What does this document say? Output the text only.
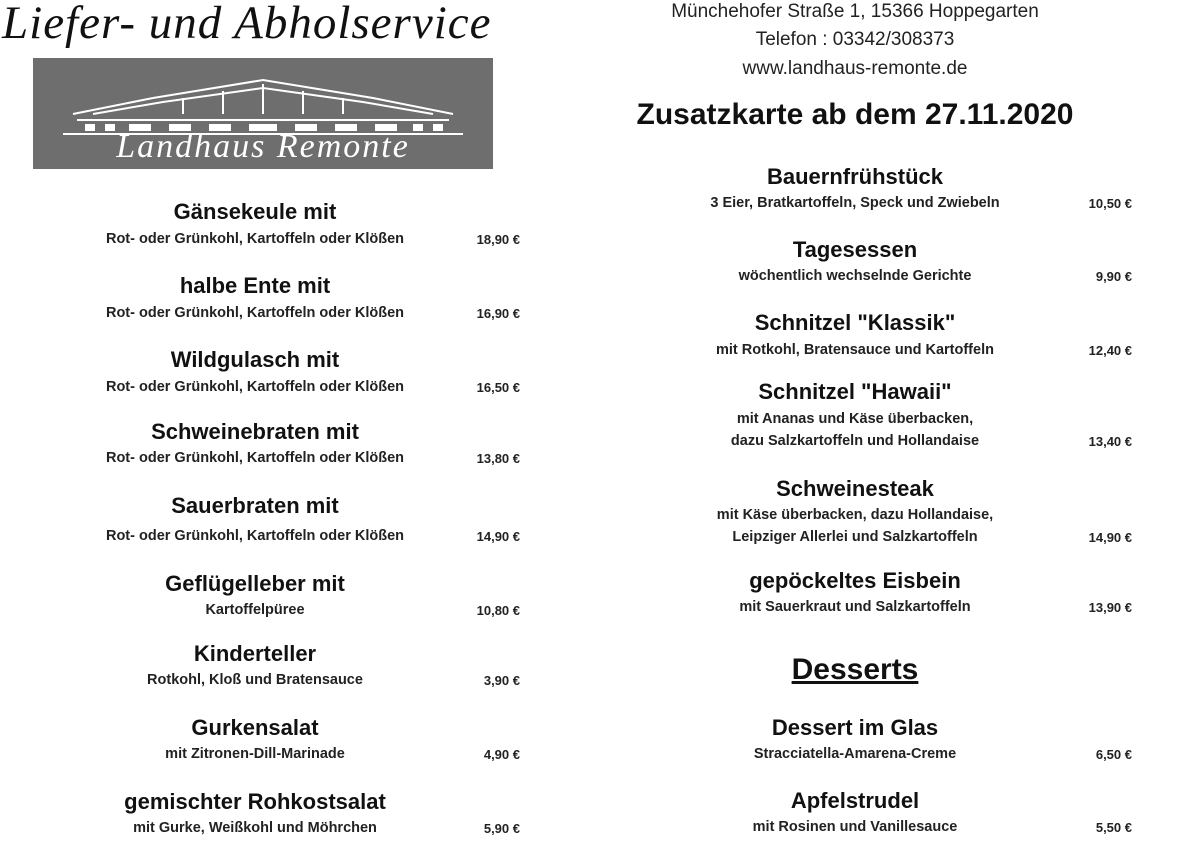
Liefer- und Abholservice
Landhaus Remonte
Münchehofer Straße 1, 15366 Hoppegarten
Telefon : 03342/308373
www.landhaus-remonte.de
Zusatzkarte ab dem 27.11.2020
Gänsekeule mit
Rot- oder Grünkohl, Kartoffeln oder Klößen	18,90 €
halbe Ente mit
Rot- oder Grünkohl, Kartoffeln oder Klößen	16,90 €
Wildgulasch mit
Rot- oder Grünkohl, Kartoffeln oder Klößen	16,50 €
Schweinebraten mit
Rot- oder Grünkohl, Kartoffeln oder Klößen	13,80 €
Sauerbraten mit
Rot- oder Grünkohl, Kartoffeln oder Klößen	14,90 €
Geflügelleber mit
Kartoffelpüree	10,80 €
Kinderteller
Rotkohl, Kloß und Bratensauce	3,90 €
Gurkensalat
mit Zitronen-Dill-Marinade	4,90 €
gemischter Rohkostsalat
mit Gurke, Weißkohl und Möhrchen	5,90 €
Bauernfrühstück
3 Eier, Bratkartoffeln, Speck und Zwiebeln	10,50 €
Tagesessen
wöchentlich wechselnde Gerichte	9,90 €
Schnitzel "Klassik"
mit Rotkohl, Bratensauce und Kartoffeln	12,40 €
Schnitzel "Hawaii"
mit Ananas und Käse überbacken,
dazu Salzkartoffeln und Hollandaise	13,40 €
Schweinesteak
mit Käse überbacken, dazu Hollandaise,
Leipziger Allerlei und Salzkartoffeln	14,90 €
gepöckeltes Eisbein
mit Sauerkraut und Salzkartoffeln	13,90 €
Desserts
Dessert im Glas
Stracciatella-Amarena-Creme	6,50 €
Apfelstrudel
mit Rosinen und Vanillesauce	5,50 €
